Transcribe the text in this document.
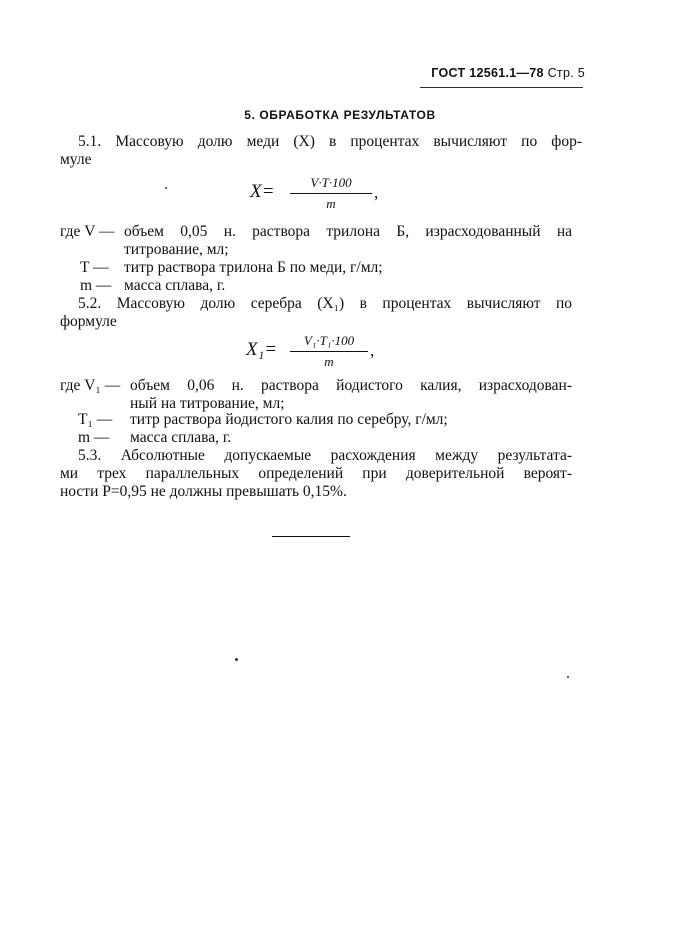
ГОСТ 12561.1—78 Стр. 5
5. ОБРАБОТКА РЕЗУЛЬТАТОВ
5.1. Массовую долю меди (X) в процентах вычисляют по фор-
муле
X=	V·T·100
m
,
где V — объем 0,05 н. раствора трилона Б, израсходованный на
титрование, мл;
T — титр раствора трилона Б по меди, г/мл;
m — масса сплава, г.
5.2. Массовую долю серебра (X₁) в процентах вычисляют по
формуле
X₁=	V₁·T₁·100
m
,
где V₁ — объем 0,06 н. раствора йодистого калия, израсходован-
ный на титрование, мл;
T₁ — титр раствора йодистого калия по серебру, г/мл;
m — масса сплава, г.
5.3. Абсолютные допускаемые расхождения между результата-
ми трех параллельных определений при доверительной вероят-
ности P=0,95 не должны превышать 0,15%.
